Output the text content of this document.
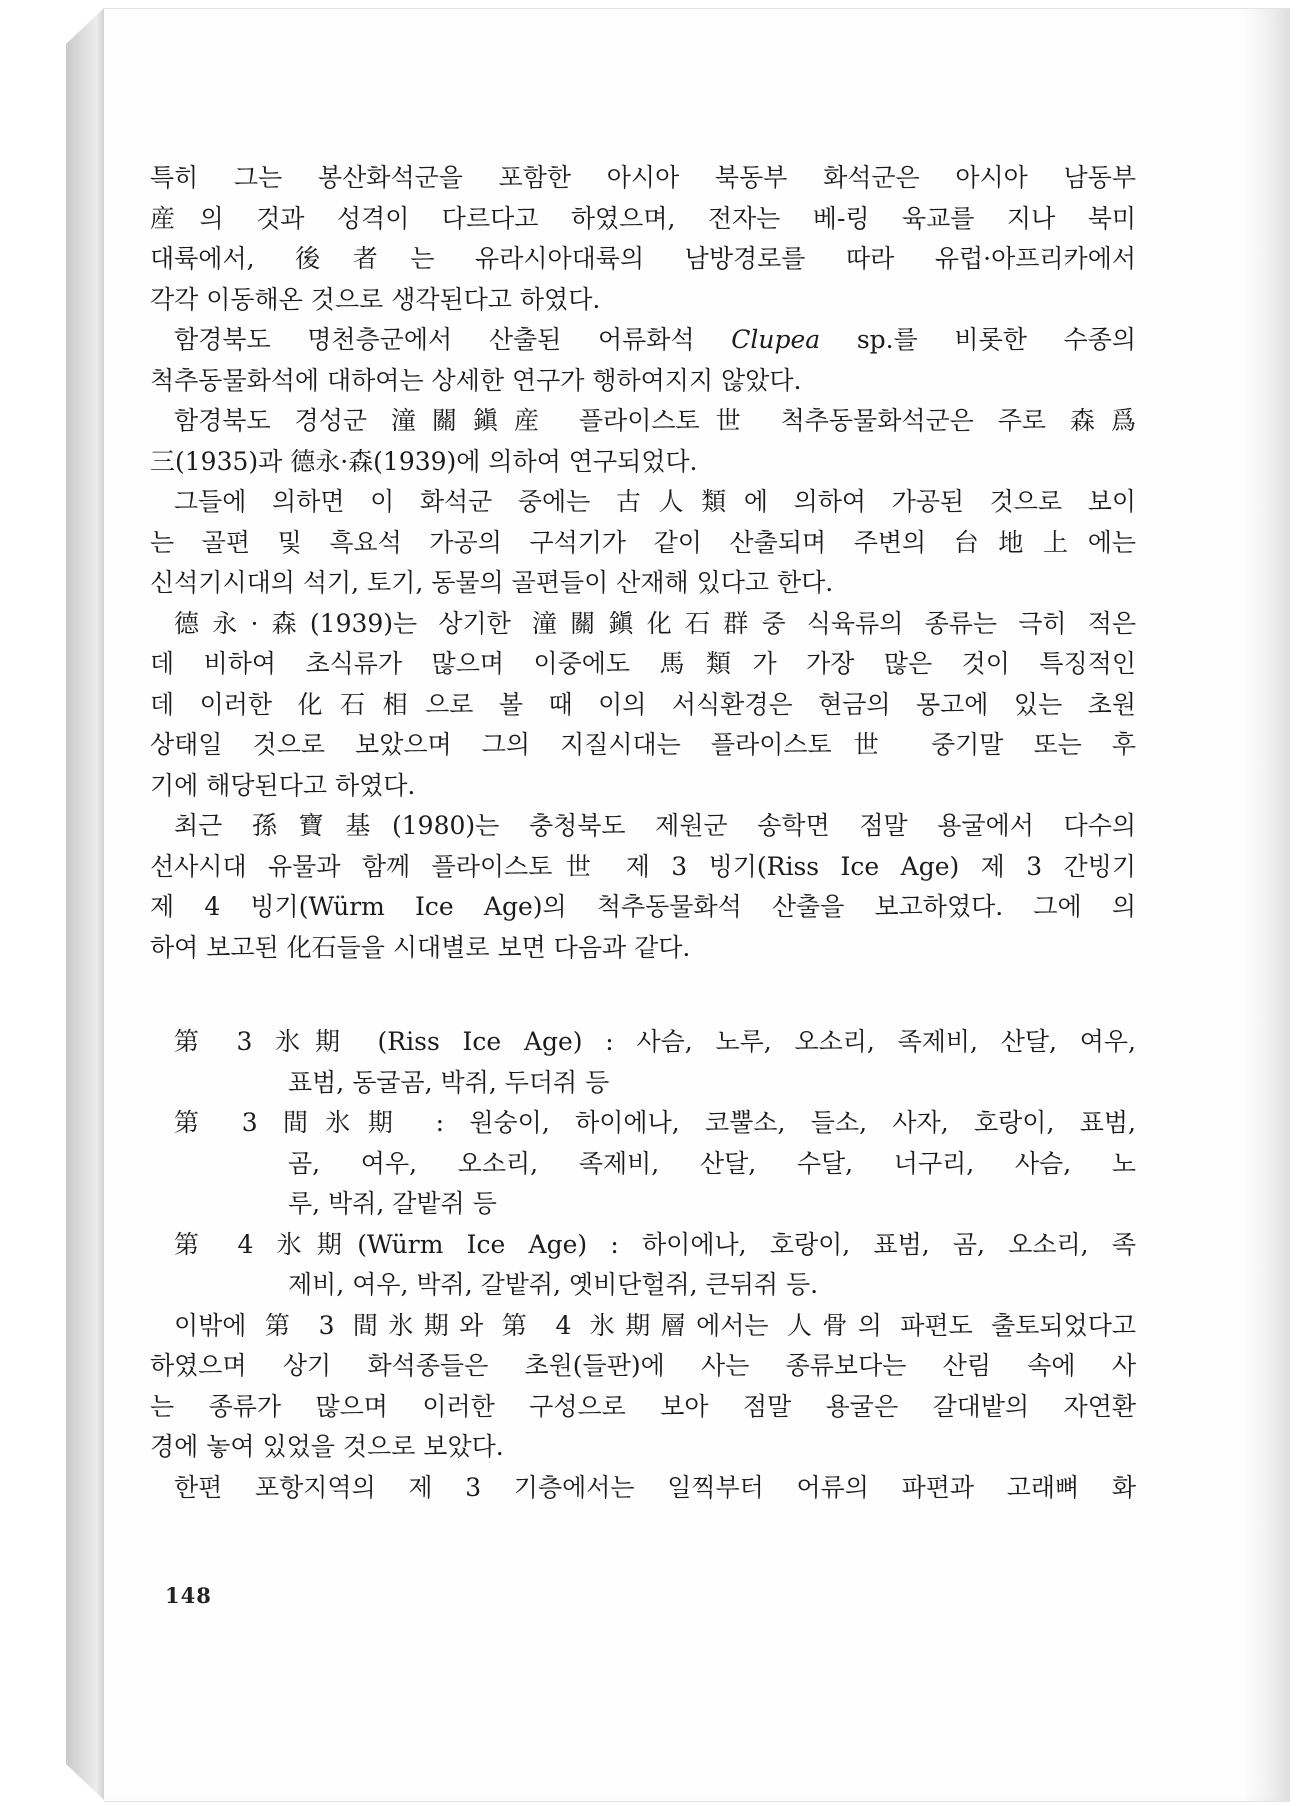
특히 그는 봉산화석군을 포함한 아시아 북동부 화석군은 아시아 남동부
産의 것과 성격이 다르다고 하였으며, 전자는 베-링 육교를 지나 북미
대륙에서, 後者는 유라시아대륙의 남방경로를 따라 유럽·아프리카에서
각각 이동해온 것으로 생각된다고 하였다.

함경북도 명천층군에서 산출된 어류화석 Clupea sp.를 비롯한 수종의
척추동물화석에 대하여는 상세한 연구가 행하여지지 않았다.

함경북도 경성군 潼關鎭産 플라이스토世 척추동물화석군은 주로 森爲
三(1935)과 德永·森(1939)에 의하여 연구되었다.

그들에 의하면 이 화석군 중에는 古人類에 의하여 가공된 것으로 보이
는 골편 및 흑요석 가공의 구석기가 같이 산출되며 주변의 台地上에는
신석기시대의 석기, 토기, 동물의 골편들이 산재해 있다고 한다.

德永·森(1939)는 상기한 潼關鎭化石群중 식육류의 종류는 극히 적은
데 비하여 초식류가 많으며 이중에도 馬類가 가장 많은 것이 특징적인
데 이러한 化石相으로 볼 때 이의 서식환경은 현금의 몽고에 있는 초원
상태일 것으로 보았으며 그의 지질시대는 플라이스토世 중기말 또는 후
기에 해당된다고 하였다.

최근 孫寶基(1980)는 충청북도 제원군 송학면 점말 용굴에서 다수의
선사시대 유물과 함께 플라이스토世 제 3 빙기(Riss Ice Age) 제 3 간빙기
제 4 빙기(Würm Ice Age)의 척추동물화석 산출을 보고하였다. 그에 의
하여 보고된 化石들을 시대별로 보면 다음과 같다.

第 3 氷期 (Riss Ice Age) : 사슴, 노루, 오소리, 족제비, 산달, 여우,
표범, 동굴곰, 박쥐, 두더쥐 등
第 3 間氷期 : 원숭이, 하이에나, 코뿔소, 들소, 사자, 호랑이, 표범,
곰, 여우, 오소리, 족제비, 산달, 수달, 너구리, 사슴, 노
루, 박쥐, 갈밭쥐 등
第 4 氷期(Würm Ice Age) : 하이에나, 호랑이, 표범, 곰, 오소리, 족
제비, 여우, 박쥐, 갈밭쥐, 옛비단헐쥐, 큰뒤쥐 등.

이밖에 第 3 間氷期와 第 4 氷期層에서는 人骨의 파편도 출토되었다고
하였으며 상기 화석종들은 초원(들판)에 사는 종류보다는 산림 속에 사
는 종류가 많으며 이러한 구성으로 보아 점말 용굴은 갈대밭의 자연환
경에 놓여 있었을 것으로 보았다.

한편 포항지역의 제 3 기층에서는 일찍부터 어류의 파편과 고래뼈 화

148
